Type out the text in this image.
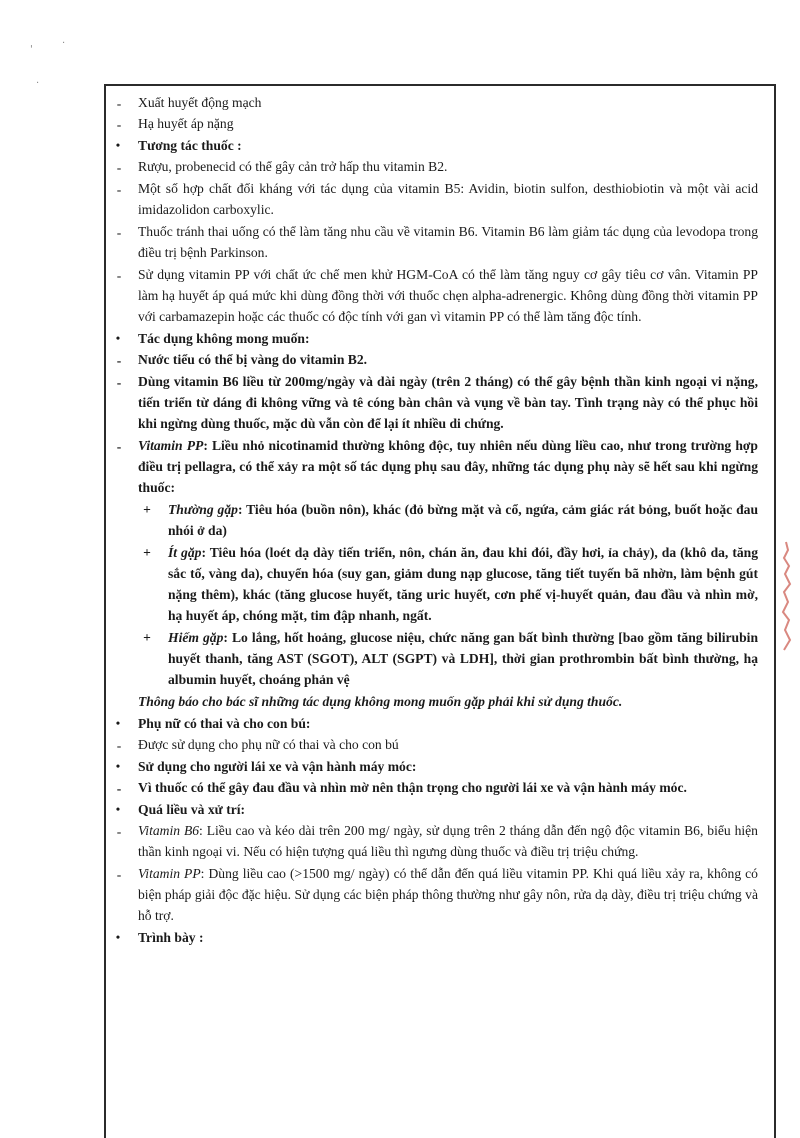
'
·
·

- Xuất huyết động mạch

- Hạ huyết áp nặng

• Tương tác thuốc :

- Rượu, probenecid có thể gây cản trở hấp thu vitamin B2.

- Một số hợp chất đối kháng với tác dụng của vitamin B5: Avidin, biotin sulfon, desthiobiotin và một vài acid imidazolidon carboxylic.

- Thuốc tránh thai uống có thể làm tăng nhu cầu về vitamin B6. Vitamin B6 làm giảm tác dụng của levodopa trong điều trị bệnh Parkinson.

- Sử dụng vitamin PP với chất ức chế men khử HGM-CoA có thể làm tăng nguy cơ gây tiêu cơ vân. Vitamin PP làm hạ huyết áp quá mức khi dùng đồng thời với thuốc chẹn alpha-adrenergic. Không dùng đồng thời vitamin PP với carbamazepin hoặc các thuốc có độc tính với gan vì vitamin PP có thể làm tăng độc tính.

• Tác dụng không mong muốn:

- Nước tiểu có thể bị vàng do vitamin B2.

- Dùng vitamin B6 liều từ 200mg/ngày và dài ngày (trên 2 tháng) có thể gây bệnh thần kinh ngoại vi nặng, tiến triển từ dáng đi không vững và tê cóng bàn chân và vụng về bàn tay. Tình trạng này có thể phục hồi khi ngừng dùng thuốc, mặc dù vẫn còn để lại ít nhiều di chứng.

- Vitamin PP: Liều nhỏ nicotinamid thường không độc, tuy nhiên nếu dùng liều cao, như trong trường hợp điều trị pellagra, có thể xảy ra một số tác dụng phụ sau đây, những tác dụng phụ này sẽ hết sau khi ngừng thuốc:

+ Thường gặp: Tiêu hóa (buồn nôn), khác (đỏ bừng mặt và cổ, ngứa, cảm giác rát bỏng, buốt hoặc đau nhói ở da)

+ Ít gặp: Tiêu hóa (loét dạ dày tiến triển, nôn, chán ăn, đau khi đói, đầy hơi, ỉa chảy), da (khô da, tăng sắc tố, vàng da), chuyển hóa (suy gan, giảm dung nạp glucose, tăng tiết tuyến bã nhờn, làm bệnh gút nặng thêm), khác (tăng glucose huyết, tăng uric huyết, cơn phế vị-huyết quản, đau đầu và nhìn mờ, hạ huyết áp, chóng mặt, tim đập nhanh, ngất.

+ Hiếm gặp: Lo lắng, hốt hoảng, glucose niệu, chức năng gan bất bình thường [bao gồm tăng bilirubin huyết thanh, tăng AST (SGOT), ALT (SGPT) và LDH], thời gian prothrombin bất bình thường, hạ albumin huyết, choáng phản vệ

Thông báo cho bác sĩ những tác dụng không mong muốn gặp phải khi sử dụng thuốc.

• Phụ nữ có thai và cho con bú:

- Được sử dụng cho phụ nữ có thai và cho con bú

• Sử dụng cho người lái xe và vận hành máy móc:

- Vì thuốc có thể gây đau đầu và nhìn mờ nên thận trọng cho người lái xe và vận hành máy móc.

• Quá liều và xử trí:

- Vitamin B6: Liều cao và kéo dài trên 200 mg/ ngày, sử dụng trên 2 tháng dẫn đến ngộ độc vitamin B6, biểu hiện thần kinh ngoại vi. Nếu có hiện tượng quá liều thì ngưng dùng thuốc và điều trị triệu chứng.

- Vitamin PP: Dùng liều cao (>1500 mg/ ngày) có thể dẫn đến quá liều vitamin PP. Khi quá liều xảy ra, không có biện pháp giải độc đặc hiệu. Sử dụng các biện pháp thông thường như gây nôn, rửa dạ dày, điều trị triệu chứng và hỗ trợ.

• Trình bày :
